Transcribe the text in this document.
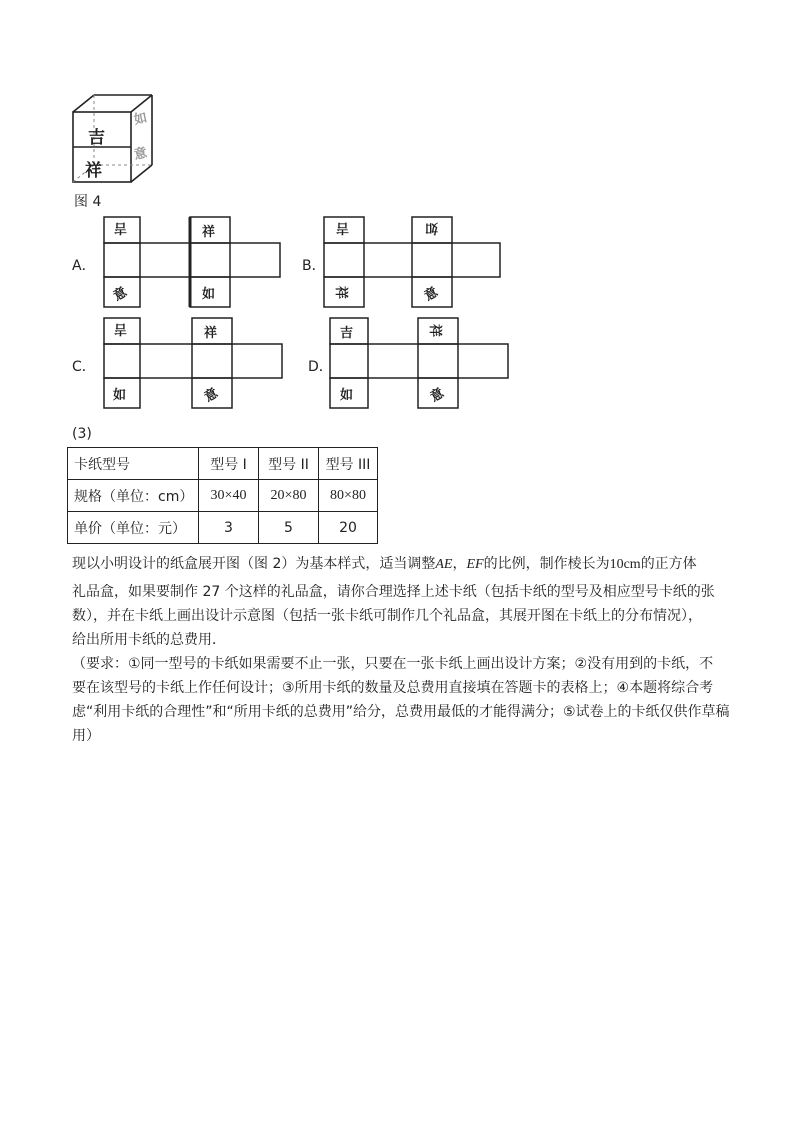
吉
祥
如
意
图 4
A．
吉	祥
意	如
B．
吉	如
祥	意
C．
吉	祥
如	意
D．
吉	祥
如	意
(3)
卡纸型号	型号 I	型号 II	型号 III
规格（单位：cm）	30×40	20×80	80×80
单价（单位：元）	3	5	20
现以小明设计的纸盒展开图（图 2）为基本样式，适当调整AE，EF的比例，制作棱长为10cm的正方体
礼品盒，如果要制作 27 个这样的礼品盒，请你合理选择上述卡纸（包括卡纸的型号及相应型号卡纸的张
数），并在卡纸上画出设计示意图（包括一张卡纸可制作几个礼品盒，其展开图在卡纸上的分布情况），
给出所用卡纸的总费用．
（要求：①同一型号的卡纸如果需要不止一张，只要在一张卡纸上画出设计方案；②没有用到的卡纸，不
要在该型号的卡纸上作任何设计；③所用卡纸的数量及总费用直接填在答题卡的表格上；④本题将综合考
虑“利用卡纸的合理性”和“所用卡纸的总费用”给分，总费用最低的才能得满分；⑤试卷上的卡纸仅供作草稿
用）
